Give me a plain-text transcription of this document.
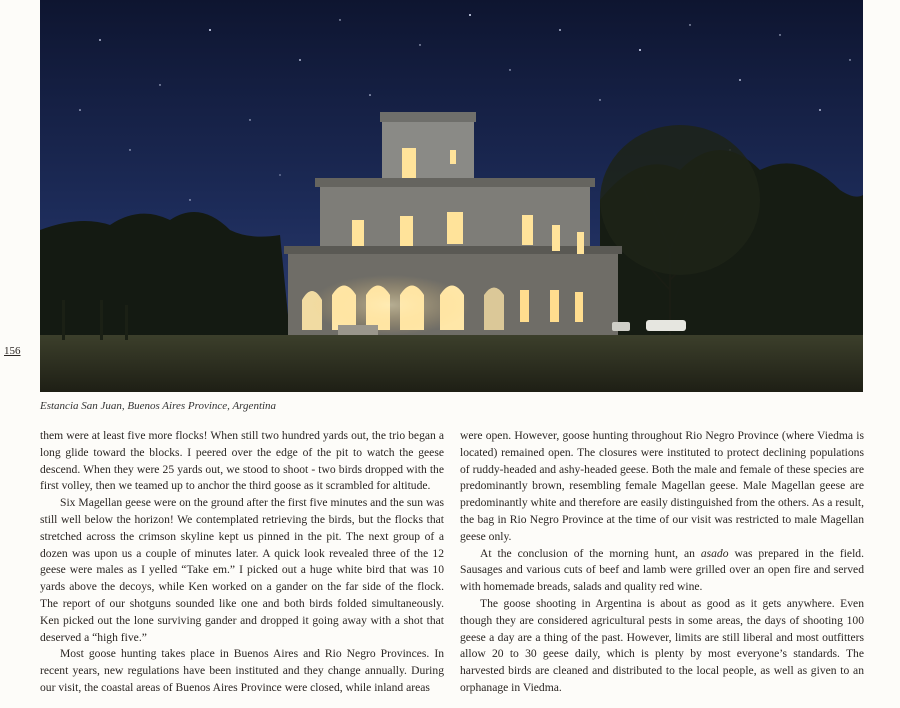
156
Estancia San Juan, Buenos Aires Province, Argentina

them were at least five more flocks! When still two hundred yards out, the trio began a long glide toward the blocks. I peered over the edge of the pit to watch the geese descend. When they were 25 yards out, we stood to shoot - two birds dropped with the first volley, then we teamed up to anchor the third goose as it scrambled for altitude.

Six Magellan geese were on the ground after the first five minutes and the sun was still well below the horizon! We contemplated retrieving the birds, but the flocks that stretched across the crimson skyline kept us pinned in the pit. The next group of a dozen was upon us a couple of minutes later. A quick look revealed three of the 12 geese were males as I yelled “Take em.” I picked out a huge white bird that was 10 yards above the decoys, while Ken worked on a gander on the far side of the flock. The report of our shotguns sounded like one and both birds folded simultaneously. Ken picked out the lone surviving gander and dropped it going away with a shot that deserved a “high five.”

Most goose hunting takes place in Buenos Aires and Rio Negro Provinces. In recent years, new regulations have been instituted and they change annually. During our visit, the coastal areas of Buenos Aires Province were closed, while inland areas

were open. However, goose hunting throughout Rio Negro Province (where Viedma is located) remained open. The closures were instituted to protect declining populations of ruddy-headed and ashy-headed geese. Both the male and female of these species are predominantly brown, resembling female Magellan geese. Male Magellan geese are predominantly white and therefore are easily distinguished from the others. As a result, the bag in Rio Negro Province at the time of our visit was restricted to male Magellan geese only.

At the conclusion of the morning hunt, an asado was prepared in the field. Sausages and various cuts of beef and lamb were grilled over an open fire and served with homemade breads, salads and quality red wine.

The goose shooting in Argentina is about as good as it gets anywhere. Even though they are considered agricultural pests in some areas, the days of shooting 100 geese a day are a thing of the past. However, limits are still liberal and most outfitters allow 20 to 30 geese daily, which is plenty by most everyone’s standards. The harvested birds are cleaned and distributed to the local people, as well as given to an orphanage in Viedma.
